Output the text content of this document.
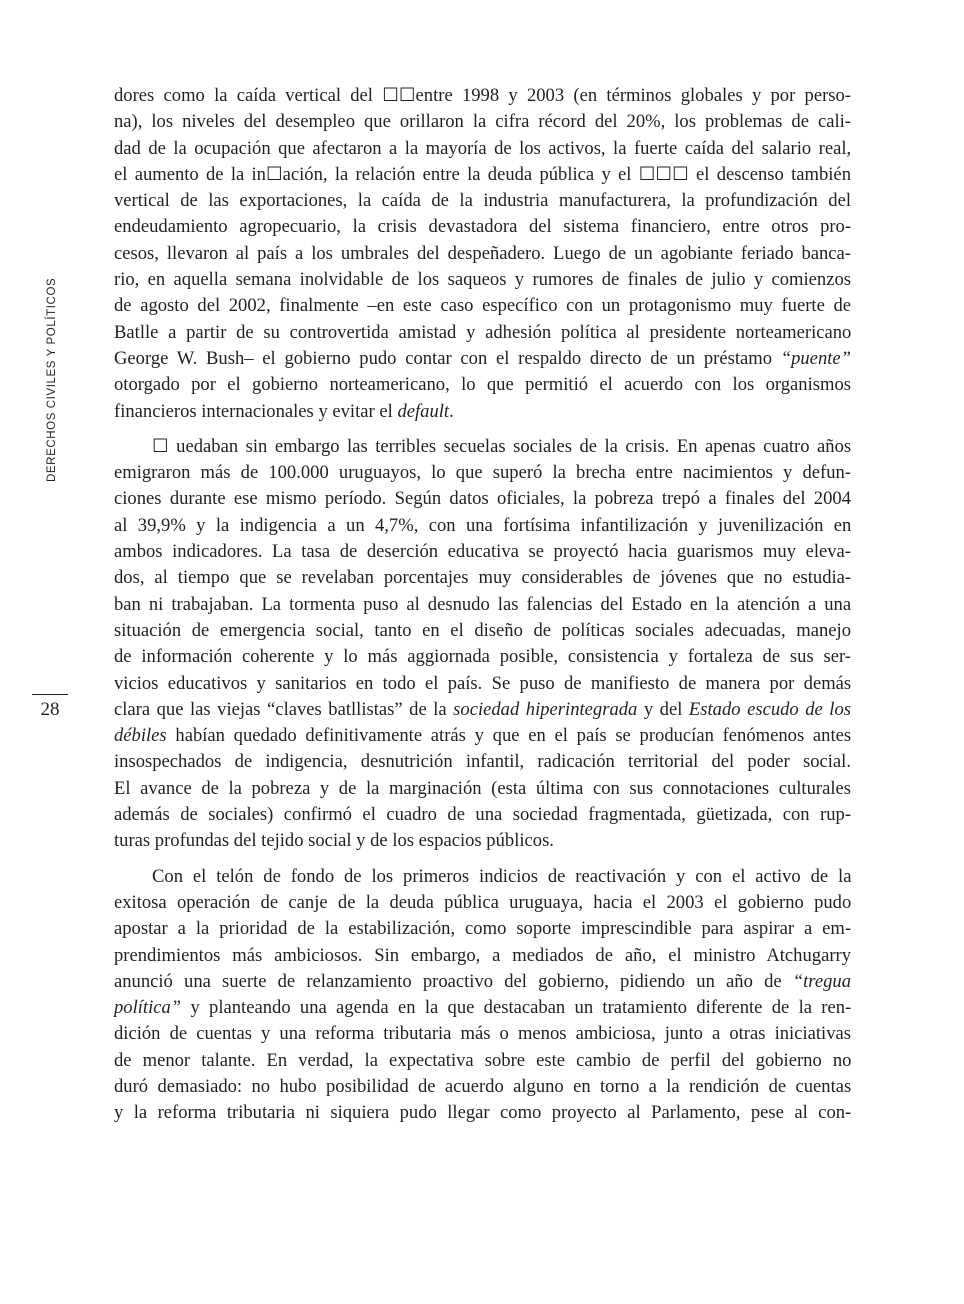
DERECHOS CIVILES Y POLÍTICOS
28
dores como la caída vertical del ☐☐entre 1998 y 2003 (en términos globales y por perso-
na), los niveles del desempleo que orillaron la cifra récord del 20%, los problemas de cali-
dad de la ocupación que afectaron a la mayoría de los activos, la fuerte caída del salario real,
el aumento de la in☐ación, la relación entre la deuda pública y el ☐☐☐ el descenso también
vertical de las exportaciones, la caída de la industria manufacturera, la profundización del
endeudamiento agropecuario, la crisis devastadora del sistema financiero, entre otros pro-
cesos, llevaron al país a los umbrales del despeñadero. Luego de un agobiante feriado banca-
rio, en aquella semana inolvidable de los saqueos y rumores de finales de julio y comienzos
de agosto del 2002, finalmente –en este caso específico con un protagonismo muy fuerte de
Batlle a partir de su controvertida amistad y adhesión política al presidente norteamericano
George W. Bush– el gobierno pudo contar con el respaldo directo de un préstamo “puente”
otorgado por el gobierno norteamericano, lo que permitió el acuerdo con los organismos
financieros internacionales y evitar el default.
☐ uedaban sin embargo las terribles secuelas sociales de la crisis. En apenas cuatro años
emigraron más de 100.000 uruguayos, lo que superó la brecha entre nacimientos y defun-
ciones durante ese mismo período. Según datos oficiales, la pobreza trepó a finales del 2004
al 39,9% y la indigencia a un 4,7%, con una fortísima infantilización y juvenilización en
ambos indicadores. La tasa de deserción educativa se proyectó hacia guarismos muy eleva-
dos, al tiempo que se revelaban porcentajes muy considerables de jóvenes que no estudia-
ban ni trabajaban. La tormenta puso al desnudo las falencias del Estado en la atención a una
situación de emergencia social, tanto en el diseño de políticas sociales adecuadas, manejo
de información coherente y lo más aggiornada posible, consistencia y fortaleza de sus ser-
vicios educativos y sanitarios en todo el país. Se puso de manifiesto de manera por demás
clara que las viejas “claves batllistas” de la sociedad hiperintegrada y del Estado escudo de los
débiles habían quedado definitivamente atrás y que en el país se producían fenómenos antes
insospechados de indigencia, desnutrición infantil, radicación territorial del poder social.
El avance de la pobreza y de la marginación (esta última con sus connotaciones culturales
además de sociales) confirmó el cuadro de una sociedad fragmentada, güetizada, con rup-
turas profundas del tejido social y de los espacios públicos.
Con el telón de fondo de los primeros indicios de reactivación y con el activo de la
exitosa operación de canje de la deuda pública uruguaya, hacia el 2003 el gobierno pudo
apostar a la prioridad de la estabilización, como soporte imprescindible para aspirar a em-
prendimientos más ambiciosos. Sin embargo, a mediados de año, el ministro Atchugarry
anunció una suerte de relanzamiento proactivo del gobierno, pidiendo un año de “tregua
política” y planteando una agenda en la que destacaban un tratamiento diferente de la ren-
dición de cuentas y una reforma tributaria más o menos ambiciosa, junto a otras iniciativas
de menor talante. En verdad, la expectativa sobre este cambio de perfil del gobierno no
duró demasiado: no hubo posibilidad de acuerdo alguno en torno a la rendición de cuentas
y la reforma tributaria ni siquiera pudo llegar como proyecto al Parlamento, pese al con-
